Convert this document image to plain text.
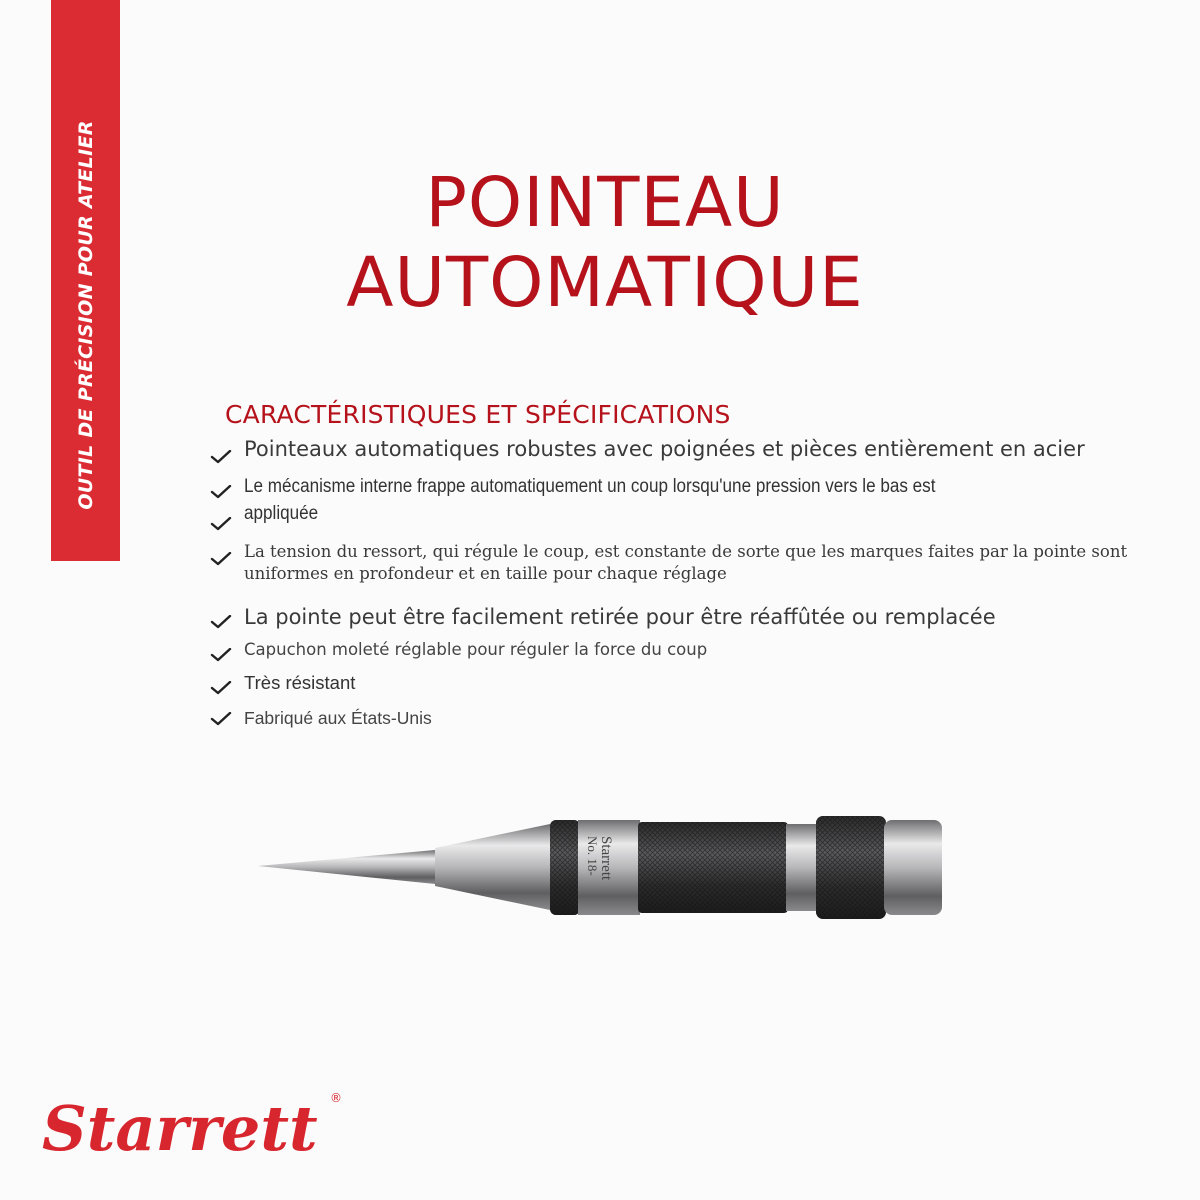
OUTIL DE PRÉCISION POUR ATELIER	POINTEAU
AUTOMATIQUE
CARACTÉRISTIQUES ET SPÉCIFICATIONS
Pointeaux automatiques robustes avec poignées et pièces entièrement en acier
Le mécanisme interne frappe automatiquement un coup lorsqu'une pression vers le bas est appliquée
La tension du ressort, qui régule le coup, est constante de sorte que les marques faites par la pointe sont uniformes en profondeur et en taille pour chaque réglage
La pointe peut être facilement retirée pour être réaffûtée ou remplacée
Capuchon moleté réglable pour réguler la force du coup
Très résistant
Fabriqué aux États-Unis
Starrett
No. 18-
Starrett ®
